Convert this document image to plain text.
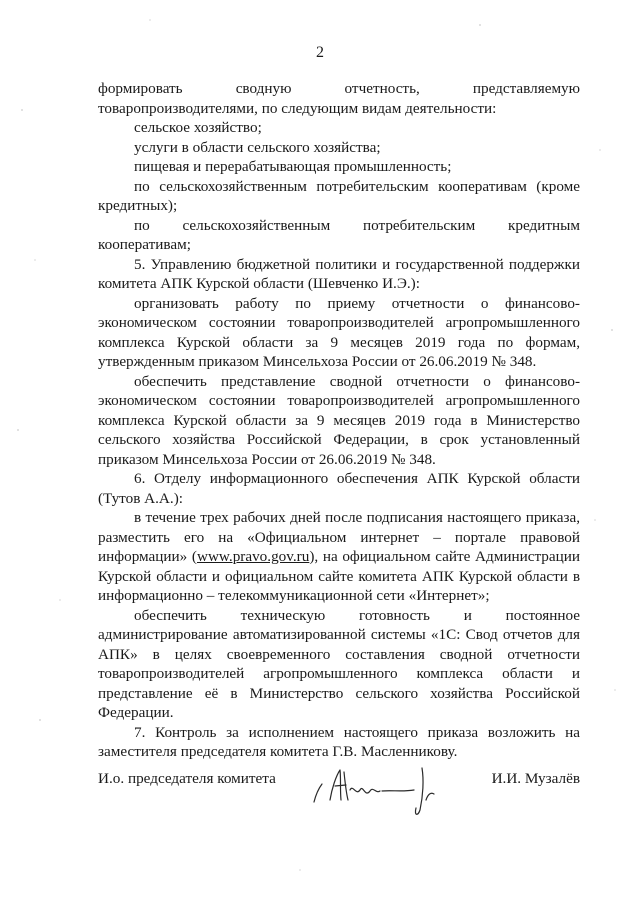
2

формировать сводную отчетность, представляемую

товаропроизводителями, по следующим видам деятельности:

сельское хозяйство;

услуги в области сельского хозяйства;

пищевая и перерабатывающая промышленность;

по сельскохозяйственным потребительским кооперативам (кроме кредитных);

по сельскохозяйственным потребительским кредитным кооперативам;

5. Управлению бюджетной политики и государственной поддержки комитета АПК Курской области (Шевченко И.Э.):

организовать работу по приему отчетности о финансово-экономическом состоянии товаропроизводителей агропромышленного комплекса Курской области за 9 месяцев 2019 года по формам, утвержденным приказом Минсельхоза России от 26.06.2019 № 348.

обеспечить представление сводной отчетности о финансово-экономическом состоянии товаропроизводителей агропромышленного комплекса Курской области за 9 месяцев 2019 года в Министерство сельского хозяйства Российской Федерации, в срок установленный приказом Минсельхоза России от 26.06.2019 № 348.

6. Отделу информационного обеспечения АПК Курской области (Тутов А.А.):

в течение трех рабочих дней после подписания настоящего приказа, разместить его на «Официальном интернет – портале правовой информации» (www.pravo.gov.ru), на официальном сайте Администрации Курской области и официальном сайте комитета АПК Курской области в информационно – телекоммуникационной сети «Интернет»;

обеспечить техническую готовность и постоянное администрирование автоматизированной системы «1С: Свод отчетов для АПК» в целях своевременного составления сводной отчетности товаропроизводителей агропромышленного комплекса области и представление её в Министерство сельского хозяйства Российской Федерации.

7. Контроль за исполнением настоящего приказа возложить на заместителя председателя комитета Г.В. Масленникову.

И.о. председателя комитета	И.И. Музалёв
